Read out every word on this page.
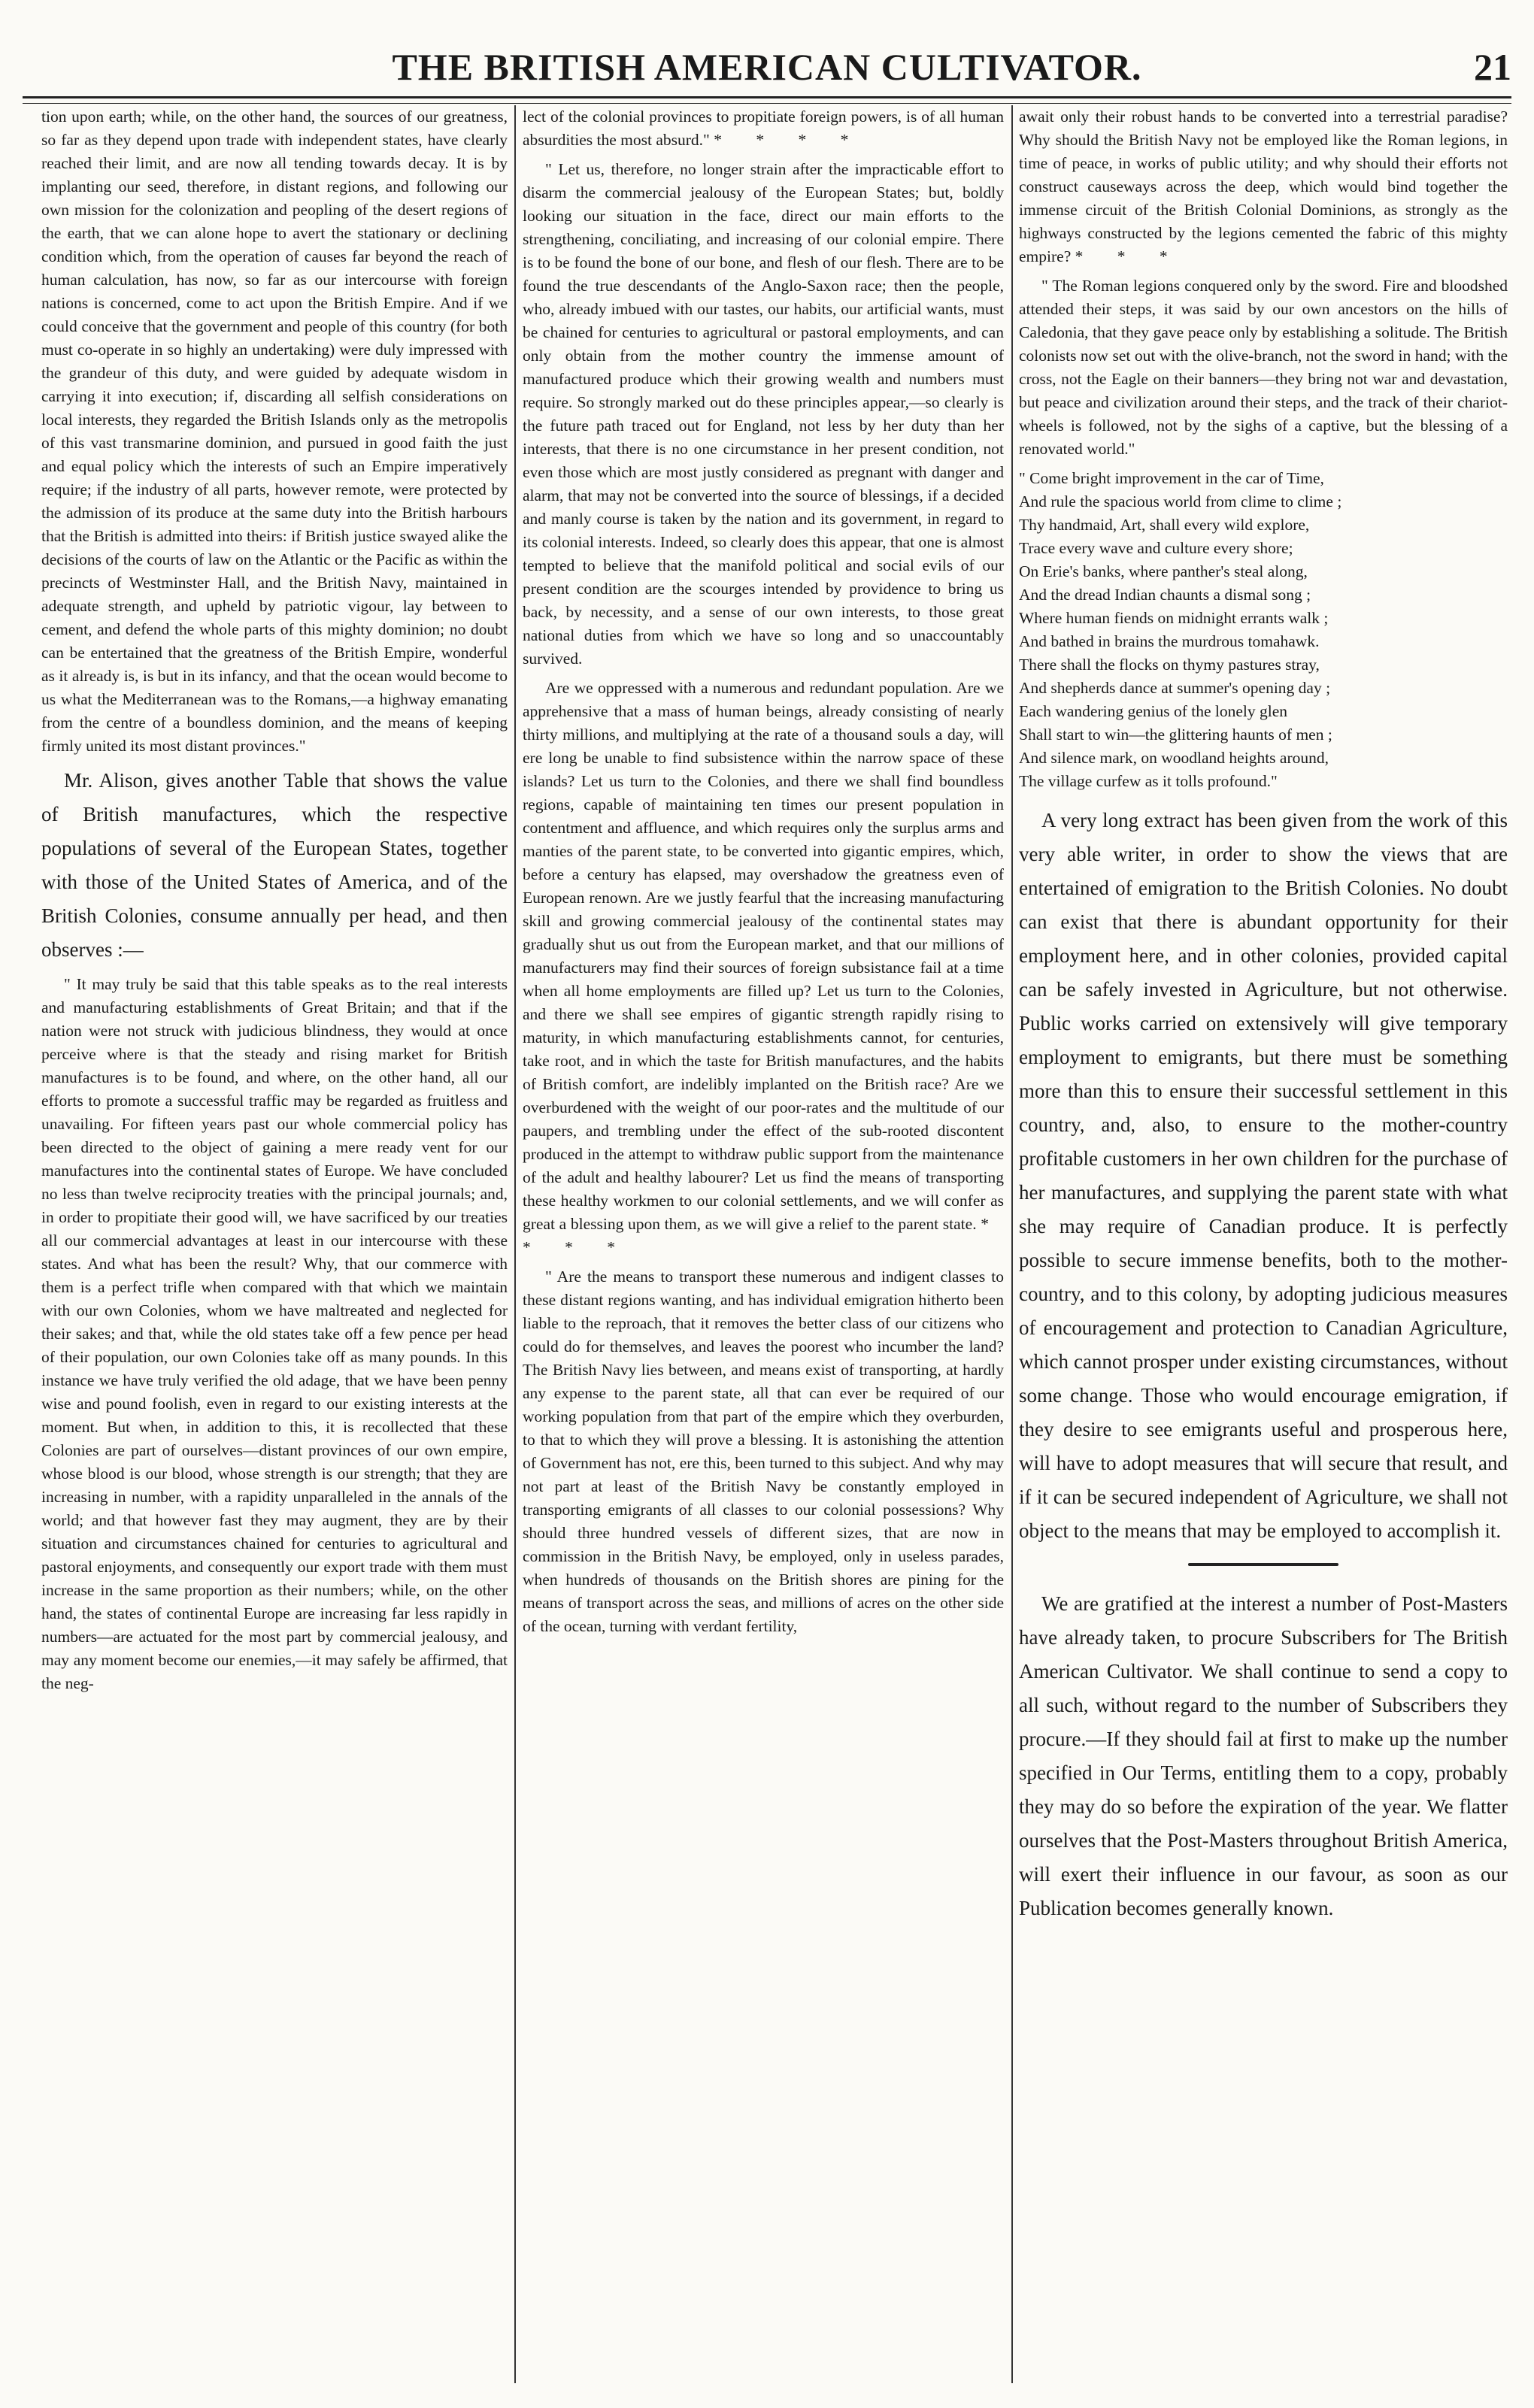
THE BRITISH AMERICAN CULTIVATOR.	21

tion upon earth; while, on the other hand, the sources of our greatness, so far as they depend upon trade with independent states, have clearly reached their limit, and are now all tending towards decay. It is by implanting our seed, therefore, in distant regions, and following our own mission for the colonization and peopling of the desert regions of the earth, that we can alone hope to avert the stationary or declining condition which, from the operation of causes far beyond the reach of human calculation, has now, so far as our intercourse with foreign nations is concerned, come to act upon the British Empire. And if we could conceive that the government and people of this country (for both must co-operate in so highly an undertaking) were duly impressed with the grandeur of this duty, and were guided by adequate wisdom in carrying it into execution; if, discarding all selfish considerations on local interests, they regarded the British Islands only as the metropolis of this vast transmarine dominion, and pursued in good faith the just and equal policy which the interests of such an Empire imperatively require; if the industry of all parts, however remote, were protected by the admission of its produce at the same duty into the British harbours that the British is admitted into theirs: if British justice swayed alike the decisions of the courts of law on the Atlantic or the Pacific as within the precincts of Westminster Hall, and the British Navy, maintained in adequate strength, and upheld by patriotic vigour, lay between to cement, and defend the whole parts of this mighty dominion; no doubt can be entertained that the greatness of the British Empire, wonderful as it already is, is but in its infancy, and that the ocean would become to us what the Mediterranean was to the Romans,—a highway emanating from the centre of a boundless dominion, and the means of keeping firmly united its most distant provinces."

Mr. Alison, gives another Table that shows the value of British manufactures, which the respective populations of several of the European States, together with those of the United States of America, and of the British Colonies, consume annually per head, and then observes :—

" It may truly be said that this table speaks as to the real interests and manufacturing establishments of Great Britain; and that if the nation were not struck with judicious blindness, they would at once perceive where is that the steady and rising market for British manufactures is to be found, and where, on the other hand, all our efforts to promote a successful traffic may be regarded as fruitless and unavailing. For fifteen years past our whole commercial policy has been directed to the object of gaining a mere ready vent for our manufactures into the continental states of Europe. We have concluded no less than twelve reciprocity treaties with the principal journals; and, in order to propitiate their good will, we have sacrificed by our treaties all our commercial advantages at least in our intercourse with these states. And what has been the result? Why, that our commerce with them is a perfect trifle when compared with that which we maintain with our own Colonies, whom we have maltreated and neglected for their sakes; and that, while the old states take off a few pence per head of their population, our own Colonies take off as many pounds. In this instance we have truly verified the old adage, that we have been penny wise and pound foolish, even in regard to our existing interests at the moment. But when, in addition to this, it is recollected that these Colonies are part of ourselves—distant provinces of our own empire, whose blood is our blood, whose strength is our strength; that they are increasing in number, with a rapidity unparalleled in the annals of the world; and that however fast they may augment, they are by their situation and circumstances chained for centuries to agricultural and pastoral enjoyments, and consequently our export trade with them must increase in the same proportion as their numbers; while, on the other hand, the states of continental Europe are increasing far less rapidly in numbers—are actuated for the most part by commercial jealousy, and may any moment become our enemies,—it may safely be affirmed, that the neg-

lect of the colonial provinces to propitiate foreign powers, is of all human absurdities the most absurd." * * * *

" Let us, therefore, no longer strain after the impracticable effort to disarm the commercial jealousy of the European States; but, boldly looking our situation in the face, direct our main efforts to the strengthening, conciliating, and increasing of our colonial empire. There is to be found the bone of our bone, and flesh of our flesh. There are to be found the true descendants of the Anglo-Saxon race; then the people, who, already imbued with our tastes, our habits, our artificial wants, must be chained for centuries to agricultural or pastoral employments, and can only obtain from the mother country the immense amount of manufactured produce which their growing wealth and numbers must require. So strongly marked out do these principles appear,—so clearly is the future path traced out for England, not less by her duty than her interests, that there is no one circumstance in her present condition, not even those which are most justly considered as pregnant with danger and alarm, that may not be converted into the source of blessings, if a decided and manly course is taken by the nation and its government, in regard to its colonial interests. Indeed, so clearly does this appear, that one is almost tempted to believe that the manifold political and social evils of our present condition are the scourges intended by providence to bring us back, by necessity, and a sense of our own interests, to those great national duties from which we have so long and so unaccountably survived.

Are we oppressed with a numerous and redundant population. Are we apprehensive that a mass of human beings, already consisting of nearly thirty millions, and multiplying at the rate of a thousand souls a day, will ere long be unable to find subsistence within the narrow space of these islands? Let us turn to the Colonies, and there we shall find boundless regions, capable of maintaining ten times our present population in contentment and affluence, and which requires only the surplus arms and manties of the parent state, to be converted into gigantic empires, which, before a century has elapsed, may overshadow the greatness even of European renown. Are we justly fearful that the increasing manufacturing skill and growing commercial jealousy of the continental states may gradually shut us out from the European market, and that our millions of manufacturers may find their sources of foreign subsistance fail at a time when all home employments are filled up? Let us turn to the Colonies, and there we shall see empires of gigantic strength rapidly rising to maturity, in which manufacturing establishments cannot, for centuries, take root, and in which the taste for British manufactures, and the habits of British comfort, are indelibly implanted on the British race? Are we overburdened with the weight of our poor-rates and the multitude of our paupers, and trembling under the effect of the sub-rooted discontent produced in the attempt to withdraw public support from the maintenance of the adult and healthy labourer? Let us find the means of transporting these healthy workmen to our colonial settlements, and we will confer as great a blessing upon them, as we will give a relief to the parent state. * * * *

" Are the means to transport these numerous and indigent classes to these distant regions wanting, and has individual emigration hitherto been liable to the reproach, that it removes the better class of our citizens who could do for themselves, and leaves the poorest who incumber the land? The British Navy lies between, and means exist of transporting, at hardly any expense to the parent state, all that can ever be required of our working population from that part of the empire which they overburden, to that to which they will prove a blessing. It is astonishing the attention of Government has not, ere this, been turned to this subject. And why may not part at least of the British Navy be constantly employed in transporting emigrants of all classes to our colonial possessions? Why should three hundred vessels of different sizes, that are now in commission in the British Navy, be employed, only in useless parades, when hundreds of thousands on the British shores are pining for the means of transport across the seas, and millions of acres on the other side of the ocean, turning with verdant fertility,

await only their robust hands to be converted into a terrestrial paradise? Why should the British Navy not be employed like the Roman legions, in time of peace, in works of public utility; and why should their efforts not construct causeways across the deep, which would bind together the immense circuit of the British Colonial Dominions, as strongly as the highways constructed by the legions cemented the fabric of this mighty empire? * * *

" The Roman legions conquered only by the sword. Fire and bloodshed attended their steps, it was said by our own ancestors on the hills of Caledonia, that they gave peace only by establishing a solitude. The British colonists now set out with the olive-branch, not the sword in hand; with the cross, not the Eagle on their banners—they bring not war and devastation, but peace and civilization around their steps, and the track of their chariot-wheels is followed, not by the sighs of a captive, but the blessing of a renovated world."

" Come bright improvement in the car of Time,
And rule the spacious world from clime to clime ;
Thy handmaid, Art, shall every wild explore,
Trace every wave and culture every shore;
On Erie's banks, where panther's steal along,
And the dread Indian chaunts a dismal song ;
Where human fiends on midnight errants walk ;
And bathed in brains the murdrous tomahawk.
There shall the flocks on thymy pastures stray,
And shepherds dance at summer's opening day ;
Each wandering genius of the lonely glen
Shall start to win—the glittering haunts of men ;
And silence mark, on woodland heights around,
The village curfew as it tolls profound."

A very long extract has been given from the work of this very able writer, in order to show the views that are entertained of emigration to the British Colonies. No doubt can exist that there is abundant opportunity for their employment here, and in other colonies, provided capital can be safely invested in Agriculture, but not otherwise. Public works carried on extensively will give temporary employment to emigrants, but there must be something more than this to ensure their successful settlement in this country, and, also, to ensure to the mother-country profitable customers in her own children for the purchase of her manufactures, and supplying the parent state with what she may require of Canadian produce. It is perfectly possible to secure immense benefits, both to the mother-country, and to this colony, by adopting judicious measures of encouragement and protection to Canadian Agriculture, which cannot prosper under existing circumstances, without some change. Those who would encourage emigration, if they desire to see emigrants useful and prosperous here, will have to adopt measures that will secure that result, and if it can be secured independent of Agriculture, we shall not object to the means that may be employed to accomplish it.

We are gratified at the interest a number of Post-Masters have already taken, to procure Subscribers for The British American Cultivator. We shall continue to send a copy to all such, without regard to the number of Subscribers they procure.—If they should fail at first to make up the number specified in Our Terms, entitling them to a copy, probably they may do so before the expiration of the year. We flatter ourselves that the Post-Masters throughout British America, will exert their influence in our favour, as soon as our Publication becomes generally known.
